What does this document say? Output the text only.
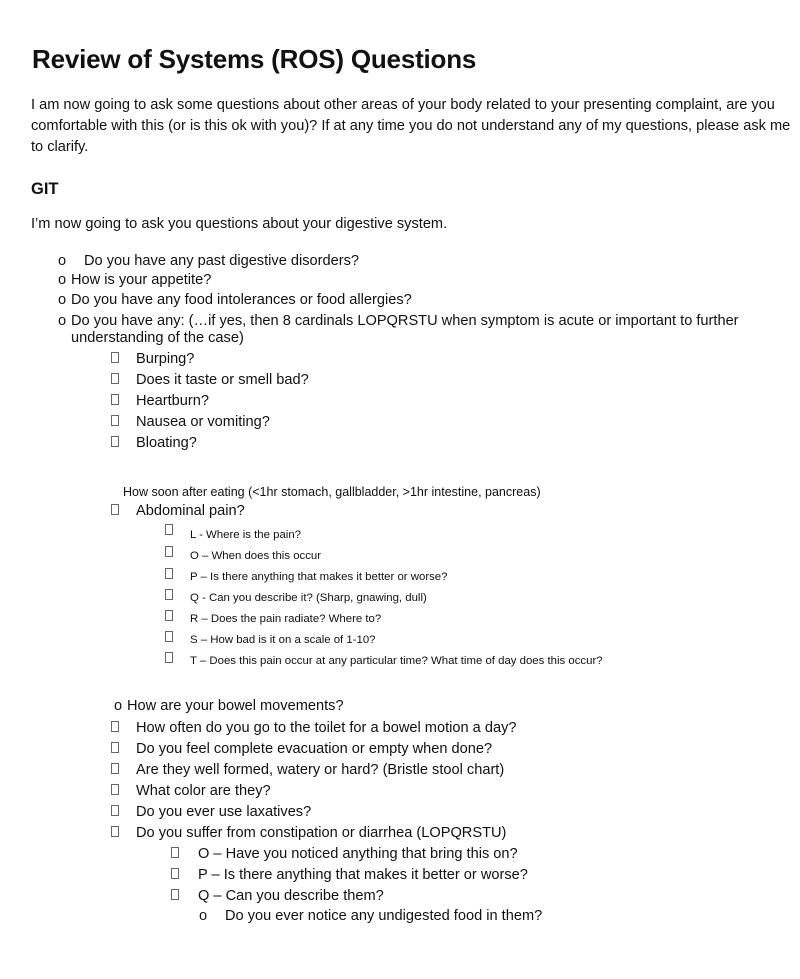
Review of Systems (ROS) Questions
I am now going to ask some questions about other areas of your body related to your presenting complaint, are you comfortable with this (or is this ok with you)? If at any time you do not understand any of my questions, please ask me to clarify.
GIT
I’m now going to ask you questions about your digestive system.
o Do you have any past digestive disorders?
o How is your appetite?
o Do you have any food intolerances or food allergies?
o Do you have any: (…if yes, then 8 cardinals LOPQRSTU when symptom is acute or important to further understanding of the case)
Burping?
Does it taste or smell bad?
Heartburn?
Nausea or vomiting?
Bloating?
How soon after eating (<1hr stomach, gallbladder, >1hr intestine, pancreas)
Abdominal pain?
L - Where is the pain?
O – When does this occur
P – Is there anything that makes it better or worse?
Q - Can you describe it? (Sharp, gnawing, dull)
R – Does the pain radiate? Where to?
S – How bad is it on a scale of 1-10?
T – Does this pain occur at any particular time? What time of day does this occur?
o How are your bowel movements?
How often do you go to the toilet for a bowel motion a day?
Do you feel complete evacuation or empty when done?
Are they well formed, watery or hard? (Bristle stool chart)
What color are they?
Do you ever use laxatives?
Do you suffer from constipation or diarrhea (LOPQRSTU)
O – Have you noticed anything that bring this on?
P – Is there anything that makes it better or worse?
Q – Can you describe them?
o Do you ever notice any undigested food in them?
